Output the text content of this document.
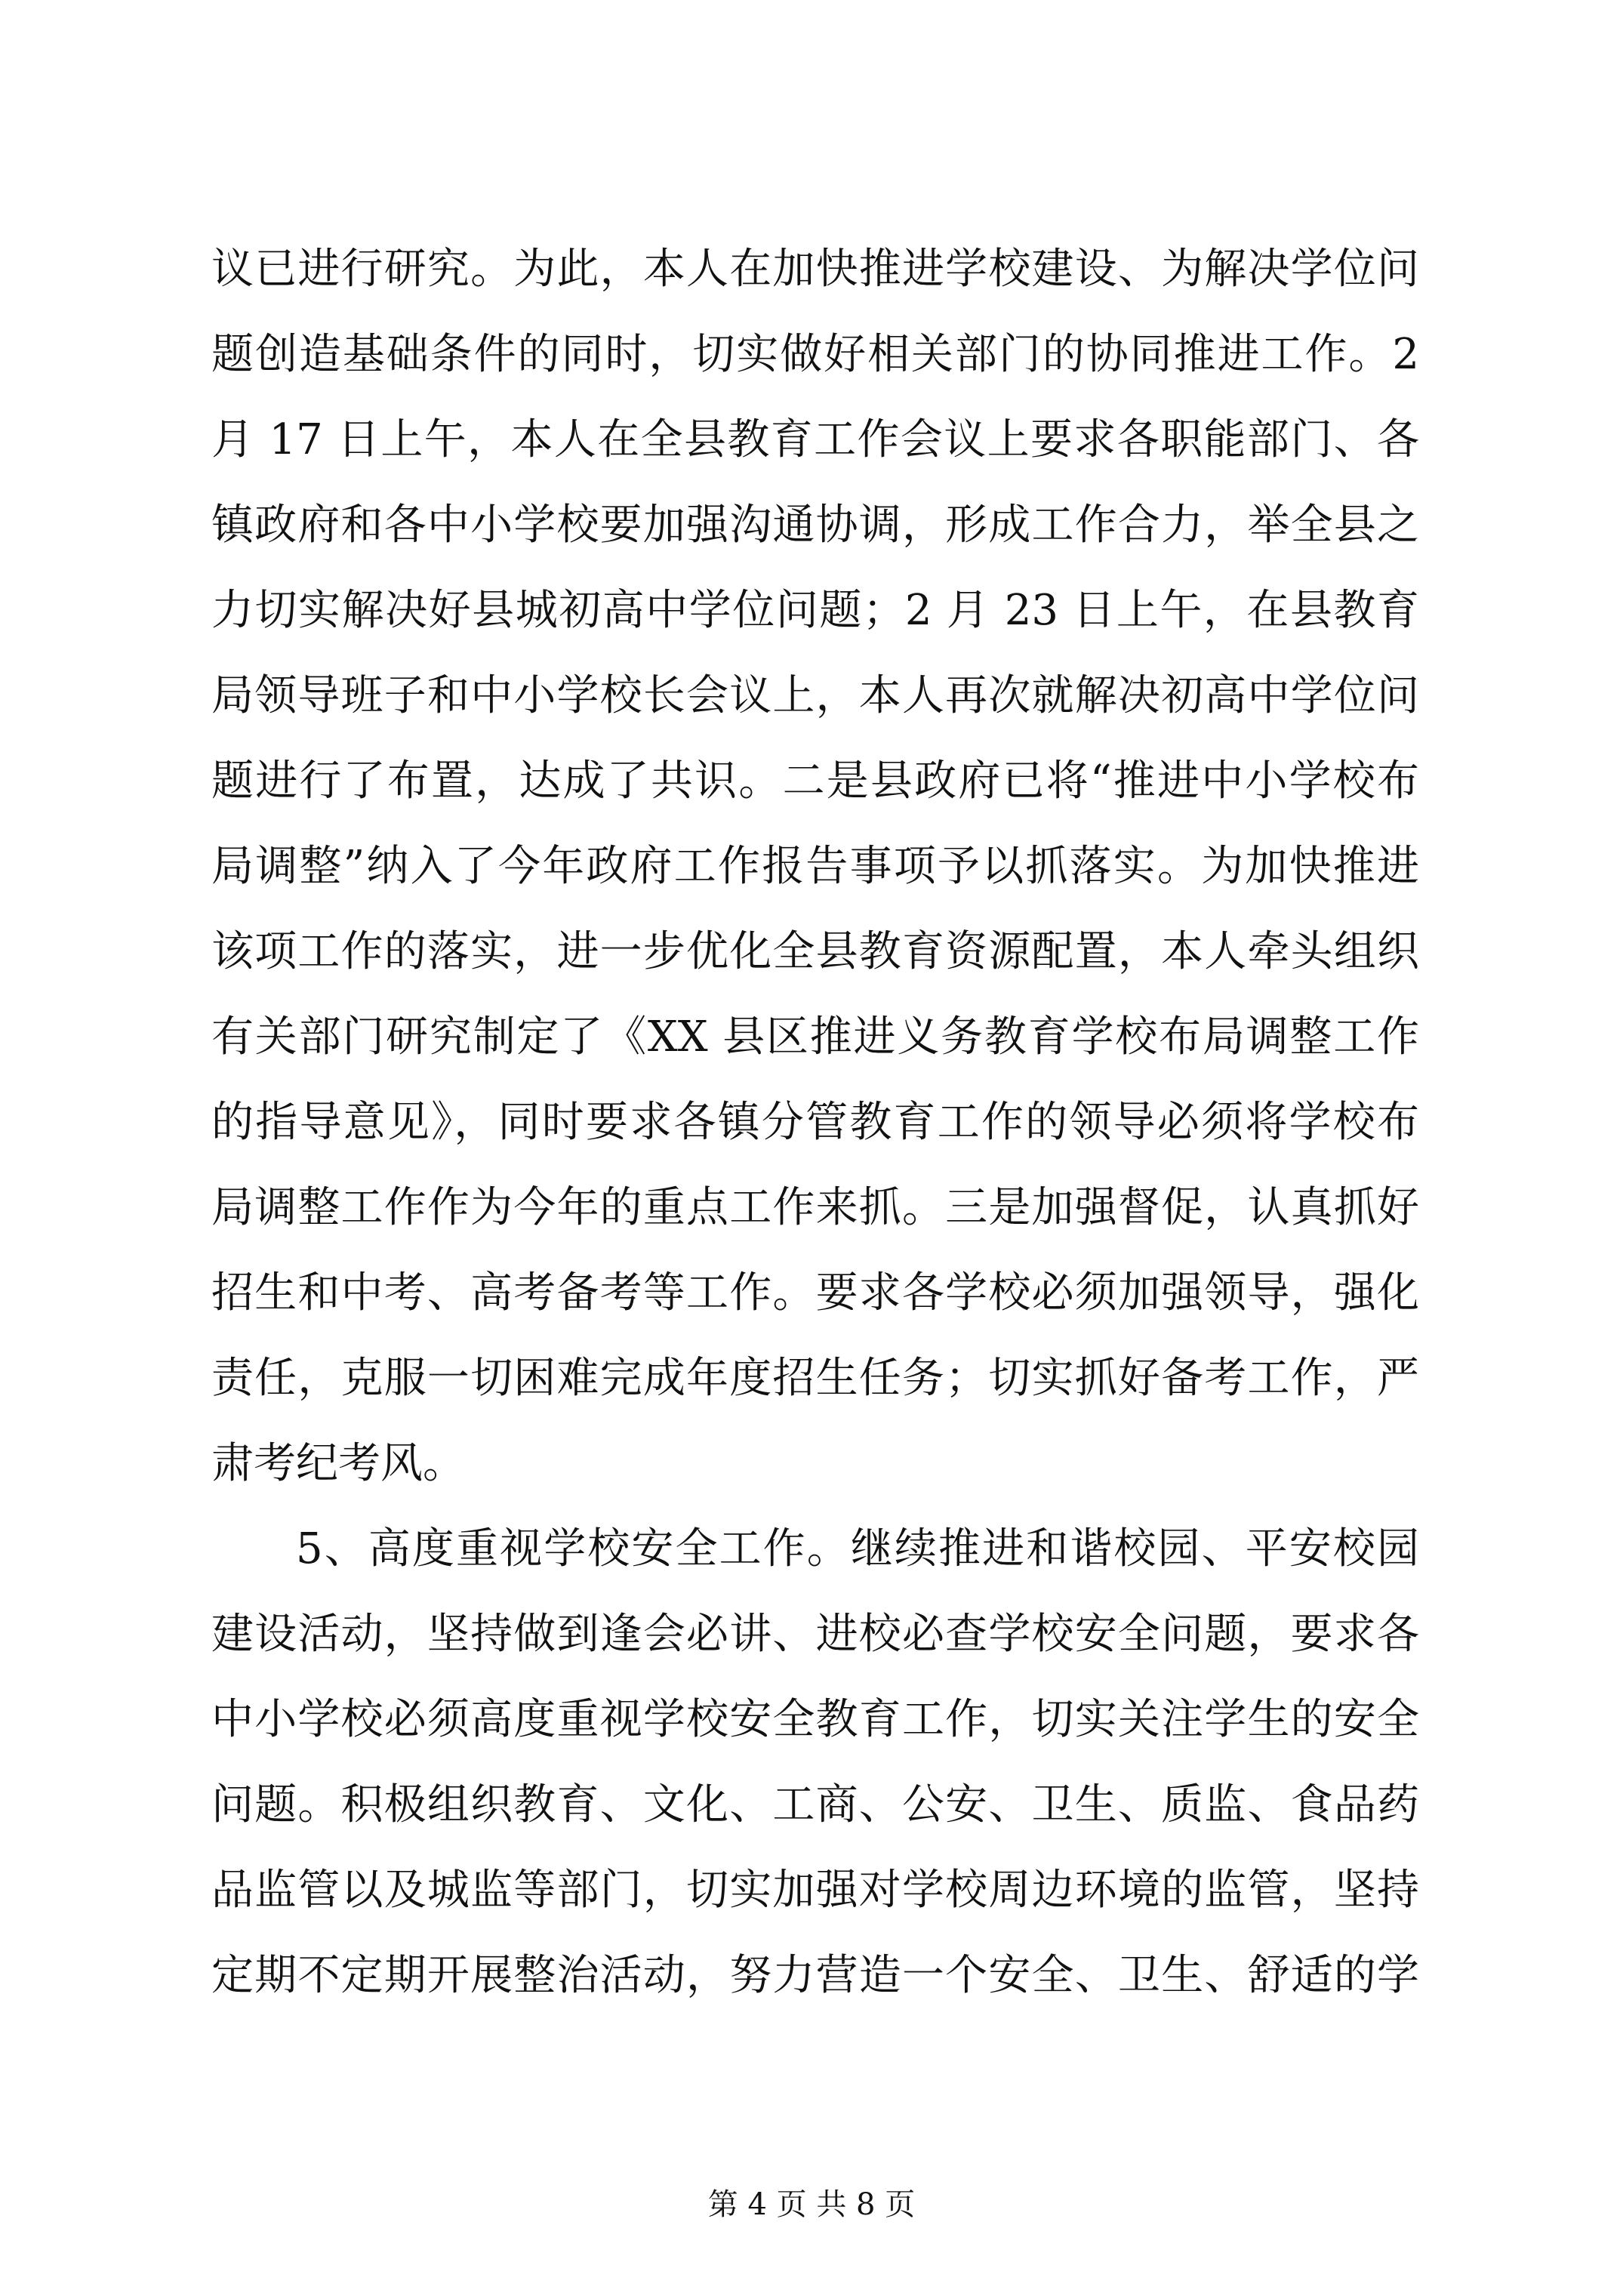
议已进行研究。为此，本人在加快推进学校建设、为解决学位问
题创造基础条件的同时，切实做好相关部门的协同推进工作。2
月 17 日上午，本人在全县教育工作会议上要求各职能部门、各
镇政府和各中小学校要加强沟通协调，形成工作合力，举全县之
力切实解决好县城初高中学位问题；2 月 23 日上午，在县教育
局领导班子和中小学校长会议上，本人再次就解决初高中学位问
题进行了布置，达成了共识。二是县政府已将“推进中小学校布
局调整”纳入了今年政府工作报告事项予以抓落实。为加快推进
该项工作的落实，进一步优化全县教育资源配置，本人牵头组织
有关部门研究制定了《XX 县区推进义务教育学校布局调整工作
的指导意见》，同时要求各镇分管教育工作的领导必须将学校布
局调整工作作为今年的重点工作来抓。三是加强督促，认真抓好
招生和中考、高考备考等工作。要求各学校必须加强领导，强化
责任，克服一切困难完成年度招生任务；切实抓好备考工作，严
肃考纪考风。
5、高度重视学校安全工作。继续推进和谐校园、平安校园
建设活动，坚持做到逢会必讲、进校必查学校安全问题，要求各
中小学校必须高度重视学校安全教育工作，切实关注学生的安全
问题。积极组织教育、文化、工商、公安、卫生、质监、食品药
品监管以及城监等部门，切实加强对学校周边环境的监管，坚持
定期不定期开展整治活动，努力营造一个安全、卫生、舒适的学
第 4 页 共 8 页
